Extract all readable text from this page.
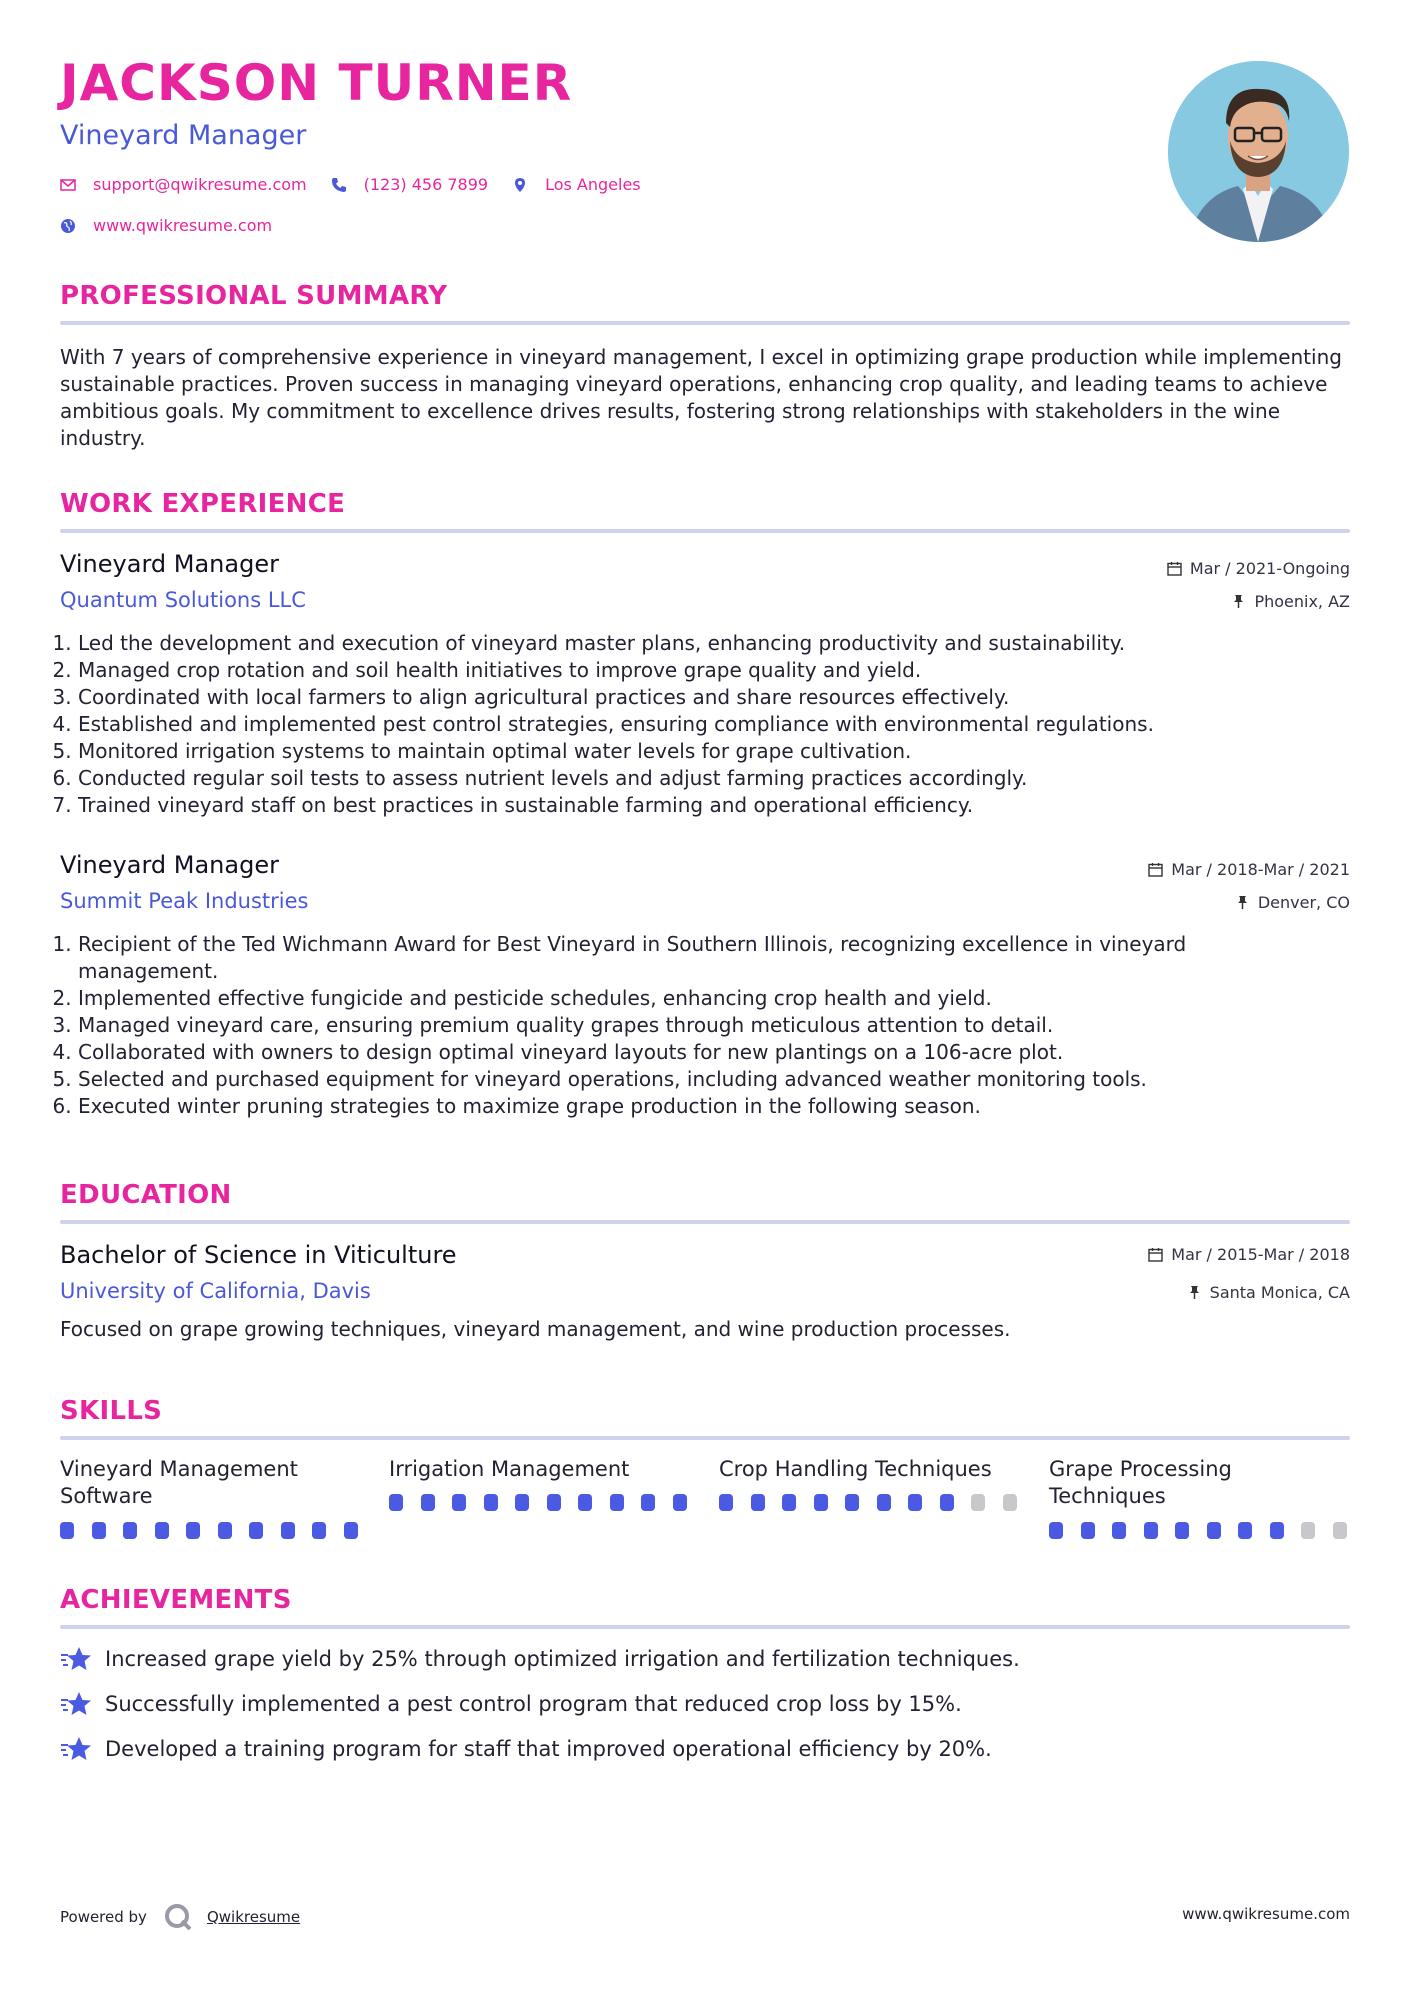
JACKSON TURNER
Vineyard Manager
support@qwikresume.com	(123) 456 7899	Los Angeles
www.qwikresume.com
PROFESSIONAL SUMMARY
With 7 years of comprehensive experience in vineyard management, I excel in optimizing grape production while implementing sustainable practices. Proven success in managing vineyard operations, enhancing crop quality, and leading teams to achieve ambitious goals. My commitment to excellence drives results, fostering strong relationships with stakeholders in the wine industry.
WORK EXPERIENCE
Vineyard Manager
Quantum Solutions LLC
Mar / 2021-Ongoing
Phoenix, AZ
1. Led the development and execution of vineyard master plans, enhancing productivity and sustainability.
2. Managed crop rotation and soil health initiatives to improve grape quality and yield.
3. Coordinated with local farmers to align agricultural practices and share resources effectively.
4. Established and implemented pest control strategies, ensuring compliance with environmental regulations.
5. Monitored irrigation systems to maintain optimal water levels for grape cultivation.
6. Conducted regular soil tests to assess nutrient levels and adjust farming practices accordingly.
7. Trained vineyard staff on best practices in sustainable farming and operational efficiency.
Vineyard Manager
Summit Peak Industries
Mar / 2018-Mar / 2021
Denver, CO
1. Recipient of the Ted Wichmann Award for Best Vineyard in Southern Illinois, recognizing excellence in vineyard management.
2. Implemented effective fungicide and pesticide schedules, enhancing crop health and yield.
3. Managed vineyard care, ensuring premium quality grapes through meticulous attention to detail.
4. Collaborated with owners to design optimal vineyard layouts for new plantings on a 106-acre plot.
5. Selected and purchased equipment for vineyard operations, including advanced weather monitoring tools.
6. Executed winter pruning strategies to maximize grape production in the following season.
EDUCATION
Bachelor of Science in Viticulture
University of California, Davis
Mar / 2015-Mar / 2018
Santa Monica, CA
Focused on grape growing techniques, vineyard management, and wine production processes.
SKILLS
Vineyard Management Software
Irrigation Management	Crop Handling Techniques	Grape Processing Techniques
ACHIEVEMENTS
Increased grape yield by 25% through optimized irrigation and fertilization techniques.
Successfully implemented a pest control program that reduced crop loss by 15%.
Developed a training program for staff that improved operational efficiency by 20%.
Powered by	Qwikresume	www.qwikresume.com
